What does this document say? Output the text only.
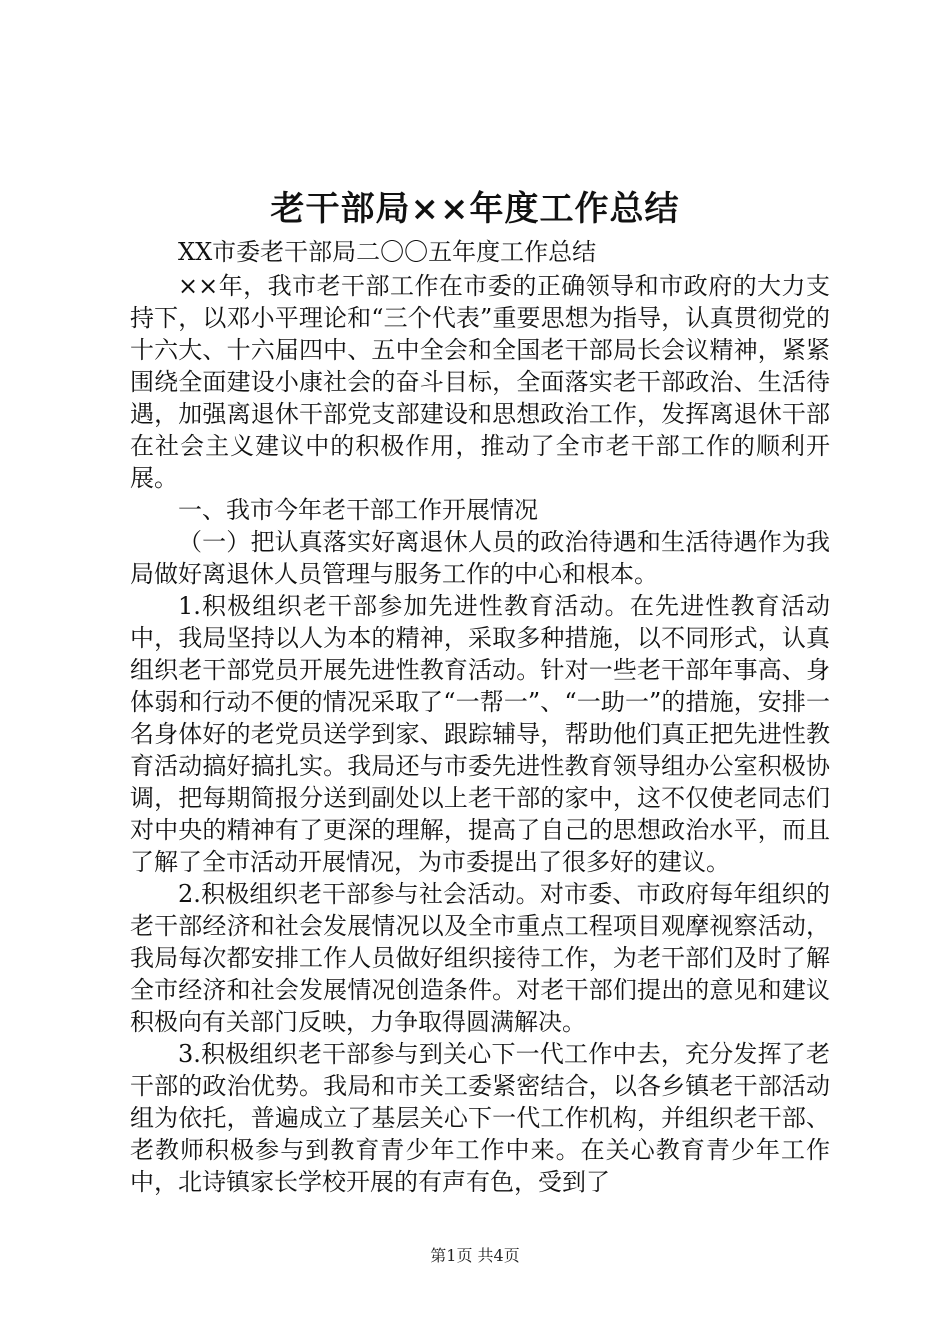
老干部局××年度工作总结

XX市委老干部局二〇〇五年度工作总结

××年，我市老干部工作在市委的正确领导和市政府的大力支持下，以邓小平理论和“三个代表”重要思想为指导，认真贯彻党的十六大、十六届四中、五中全会和全国老干部局长会议精神，紧紧围绕全面建设小康社会的奋斗目标，全面落实老干部政治、生活待遇，加强离退休干部党支部建设和思想政治工作，发挥离退休干部在社会主义建议中的积极作用，推动了全市老干部工作的顺利开展。

一、我市今年老干部工作开展情况

（一）把认真落实好离退休人员的政治待遇和生活待遇作为我局做好离退休人员管理与服务工作的中心和根本。

1.积极组织老干部参加先进性教育活动。在先进性教育活动中，我局坚持以人为本的精神，采取多种措施，以不同形式，认真组织老干部党员开展先进性教育活动。针对一些老干部年事高、身体弱和行动不便的情况采取了“一帮一”、“一助一”的措施，安排一名身体好的老党员送学到家、跟踪辅导，帮助他们真正把先进性教育活动搞好搞扎实。我局还与市委先进性教育领导组办公室积极协调，把每期简报分送到副处以上老干部的家中，这不仅使老同志们对中央的精神有了更深的理解，提高了自己的思想政治水平，而且了解了全市活动开展情况，为市委提出了很多好的建议。

2.积极组织老干部参与社会活动。对市委、市政府每年组织的老干部经济和社会发展情况以及全市重点工程项目观摩视察活动，我局每次都安排工作人员做好组织接待工作，为老干部们及时了解全市经济和社会发展情况创造条件。对老干部们提出的意见和建议积极向有关部门反映，力争取得圆满解决。

3.积极组织老干部参与到关心下一代工作中去，充分发挥了老干部的政治优势。我局和市关工委紧密结合，以各乡镇老干部活动组为依托，普遍成立了基层关心下一代工作机构，并组织老干部、老教师积极参与到教育青少年工作中来。在关心教育青少年工作中，北诗镇家长学校开展的有声有色，受到了

第1页 共4页
